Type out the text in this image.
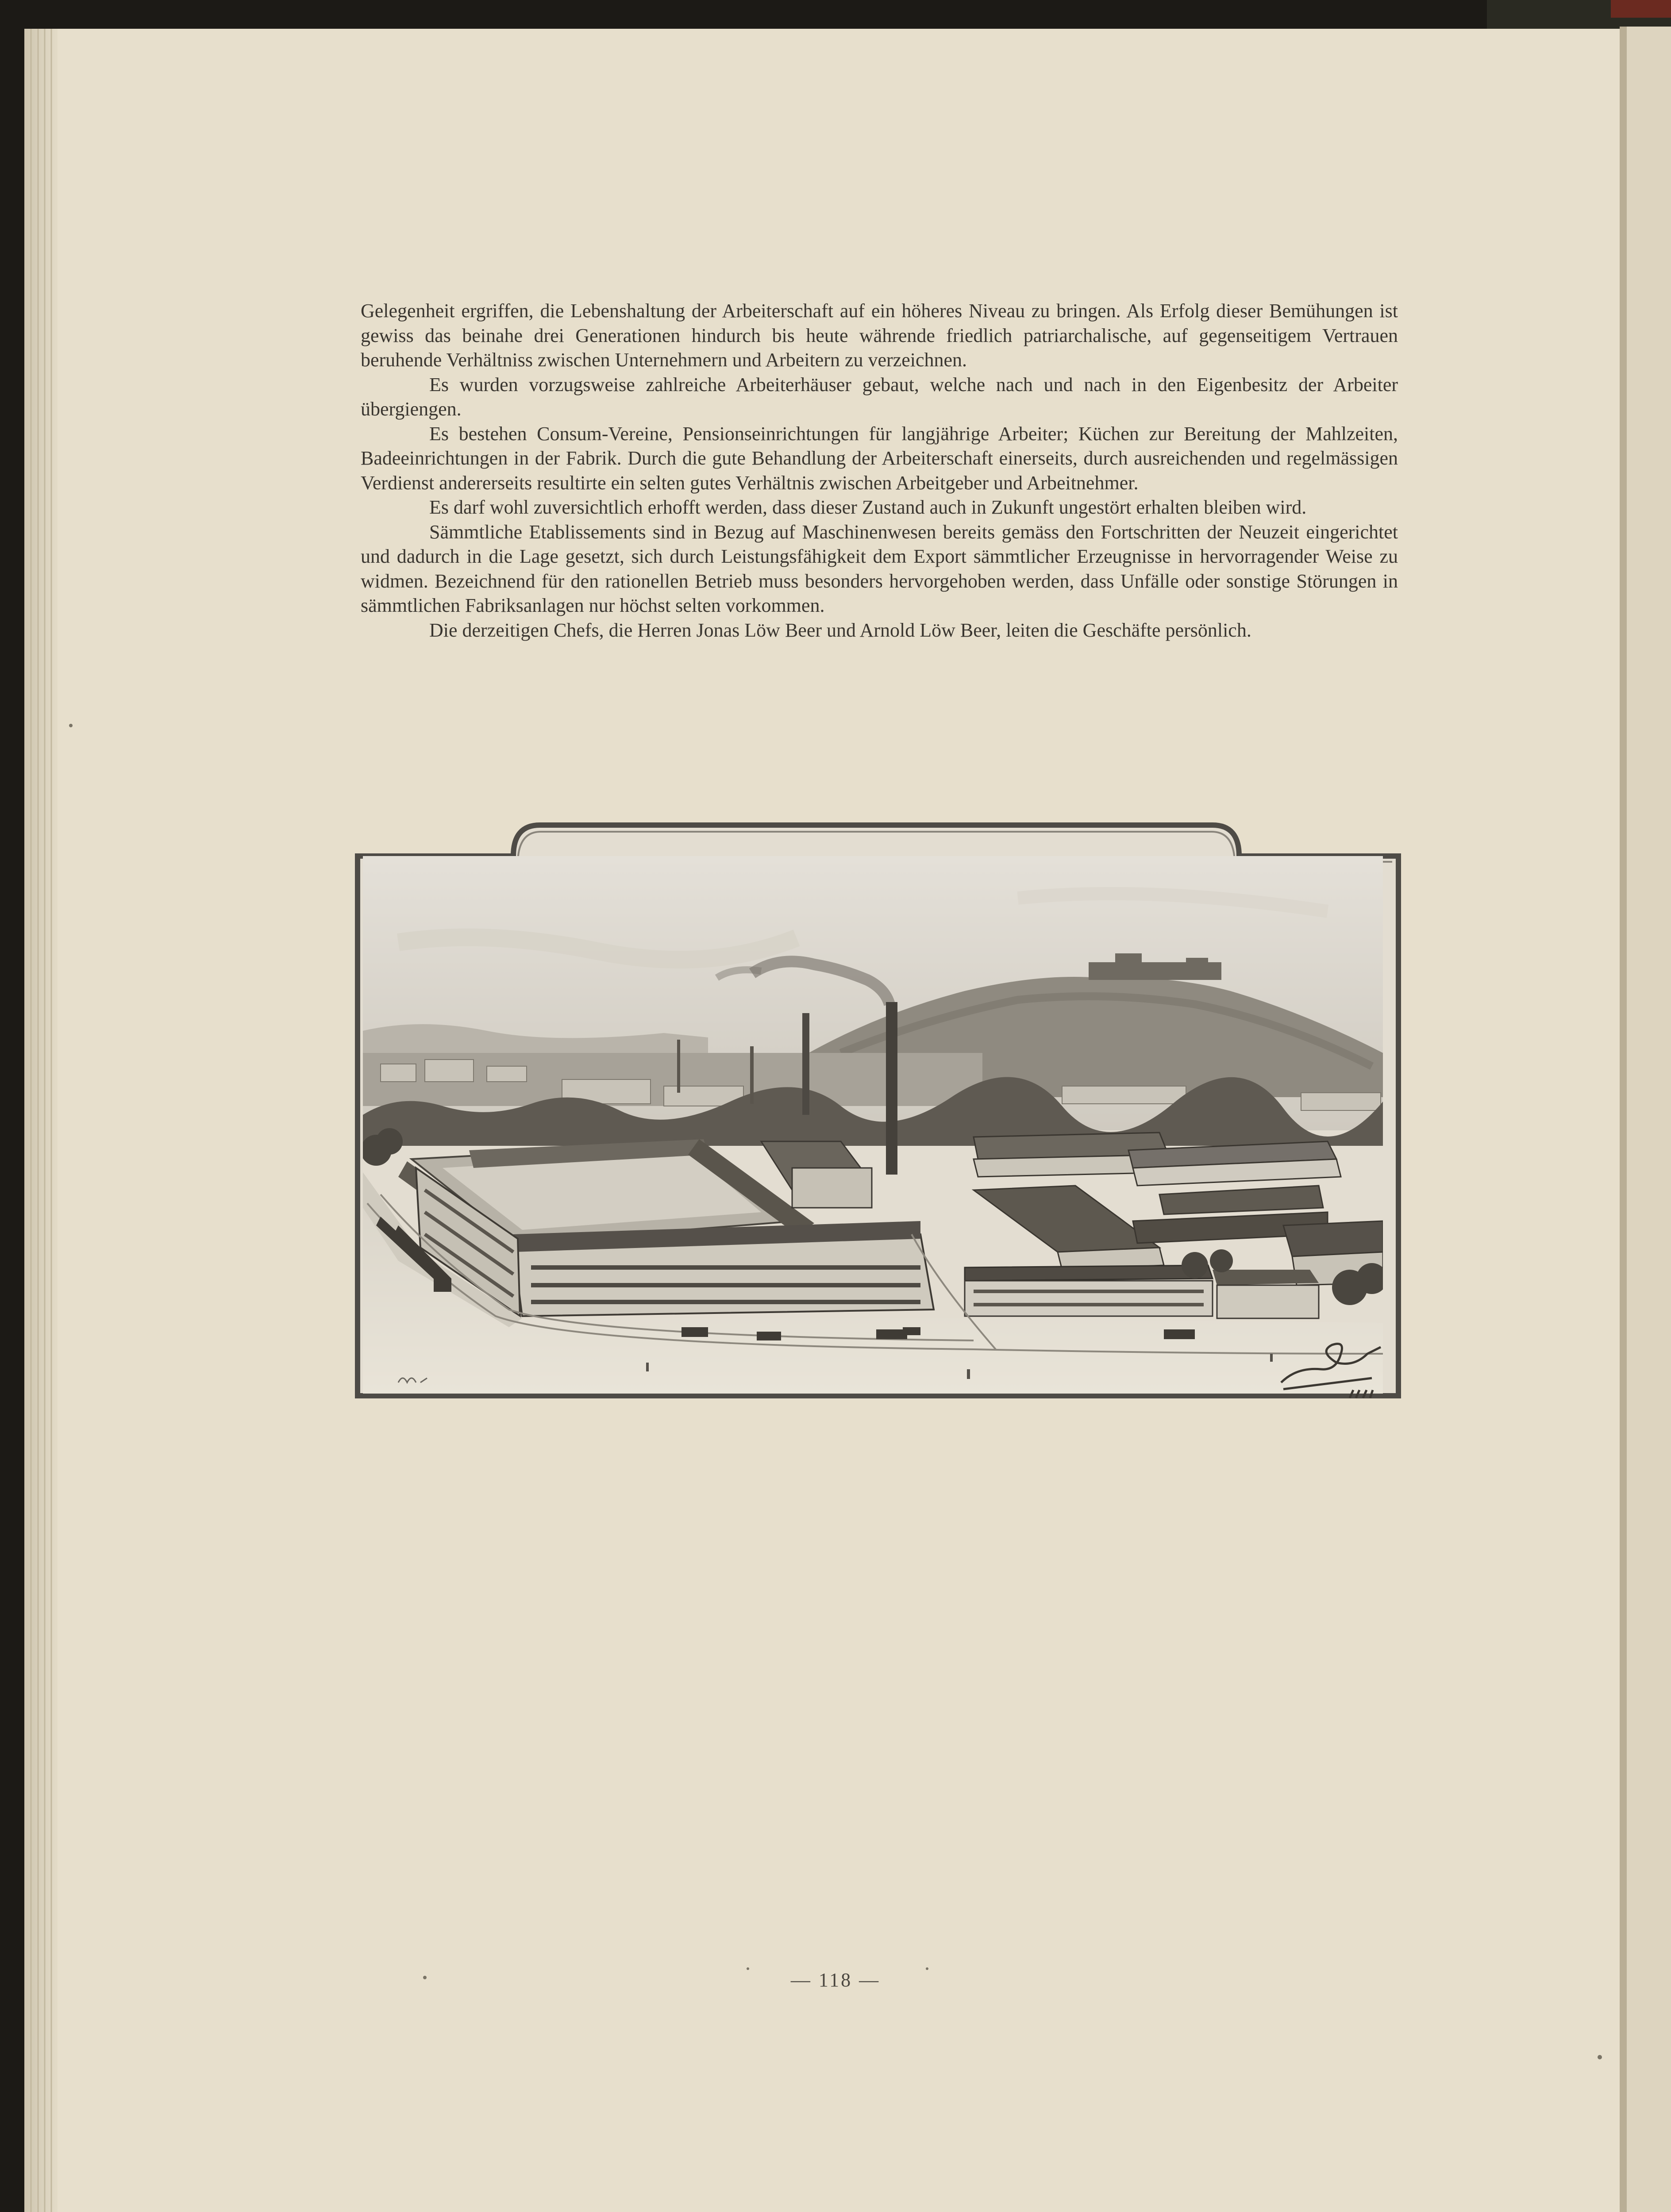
Gelegenheit ergriffen, die Lebenshaltung der Arbeiterschaft auf ein höheres Niveau zu bringen. Als Erfolg dieser Bemühungen ist gewiss das beinahe drei Generationen hindurch bis heute währende friedlich patriarchalische, auf gegenseitigem Vertrauen beruhende Verhältniss zwischen Unternehmern und Arbeitern zu verzeichnen.

Es wurden vorzugsweise zahlreiche Arbeiterhäuser gebaut, welche nach und nach in den Eigenbesitz der Arbeiter übergiengen.

Es bestehen Consum-Vereine, Pensionseinrichtungen für langjährige Arbeiter; Küchen zur Bereitung der Mahlzeiten, Badeeinrichtungen in der Fabrik. Durch die gute Behandlung der Arbeiterschaft einerseits, durch ausreichenden und regelmässigen Verdienst andererseits resultirte ein selten gutes Verhältnis zwischen Arbeitgeber und Arbeitnehmer.

Es darf wohl zuversichtlich erhofft werden, dass dieser Zustand auch in Zukunft ungestört erhalten bleiben wird.

Sämmtliche Etablissements sind in Bezug auf Maschinenwesen bereits gemäss den Fortschritten der Neuzeit eingerichtet und dadurch in die Lage gesetzt, sich durch Leistungsfähigkeit dem Export sämmtlicher Erzeugnisse in hervorragender Weise zu widmen. Bezeichnend für den rationellen Betrieb muss besonders hervorgehoben werden, dass Unfälle oder sonstige Störungen in sämmtlichen Fabriksanlagen nur höchst selten vorkommen.

Die derzeitigen Chefs, die Herren Jonas Löw Beer und Arnold Löw Beer, leiten die Geschäfte persönlich.

— 118 —
